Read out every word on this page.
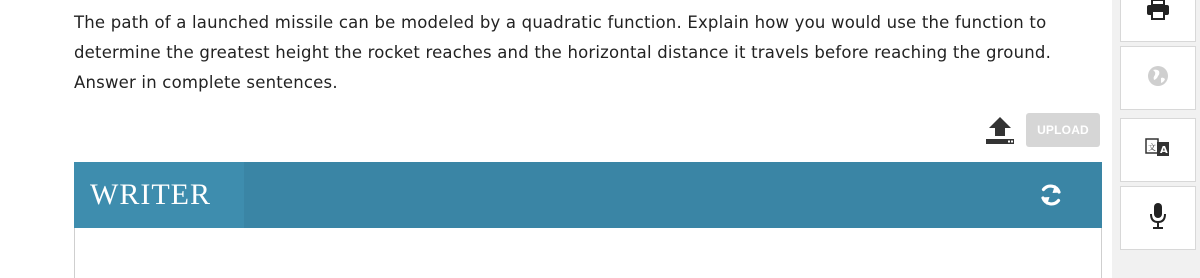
The path of a launched missile can be modeled by a quadratic function. Explain how you would use the function to determine the greatest height the rocket reaches and the horizontal distance it travels before reaching the ground. Answer in complete sentences.
UPLOAD
WRITER
文 A
